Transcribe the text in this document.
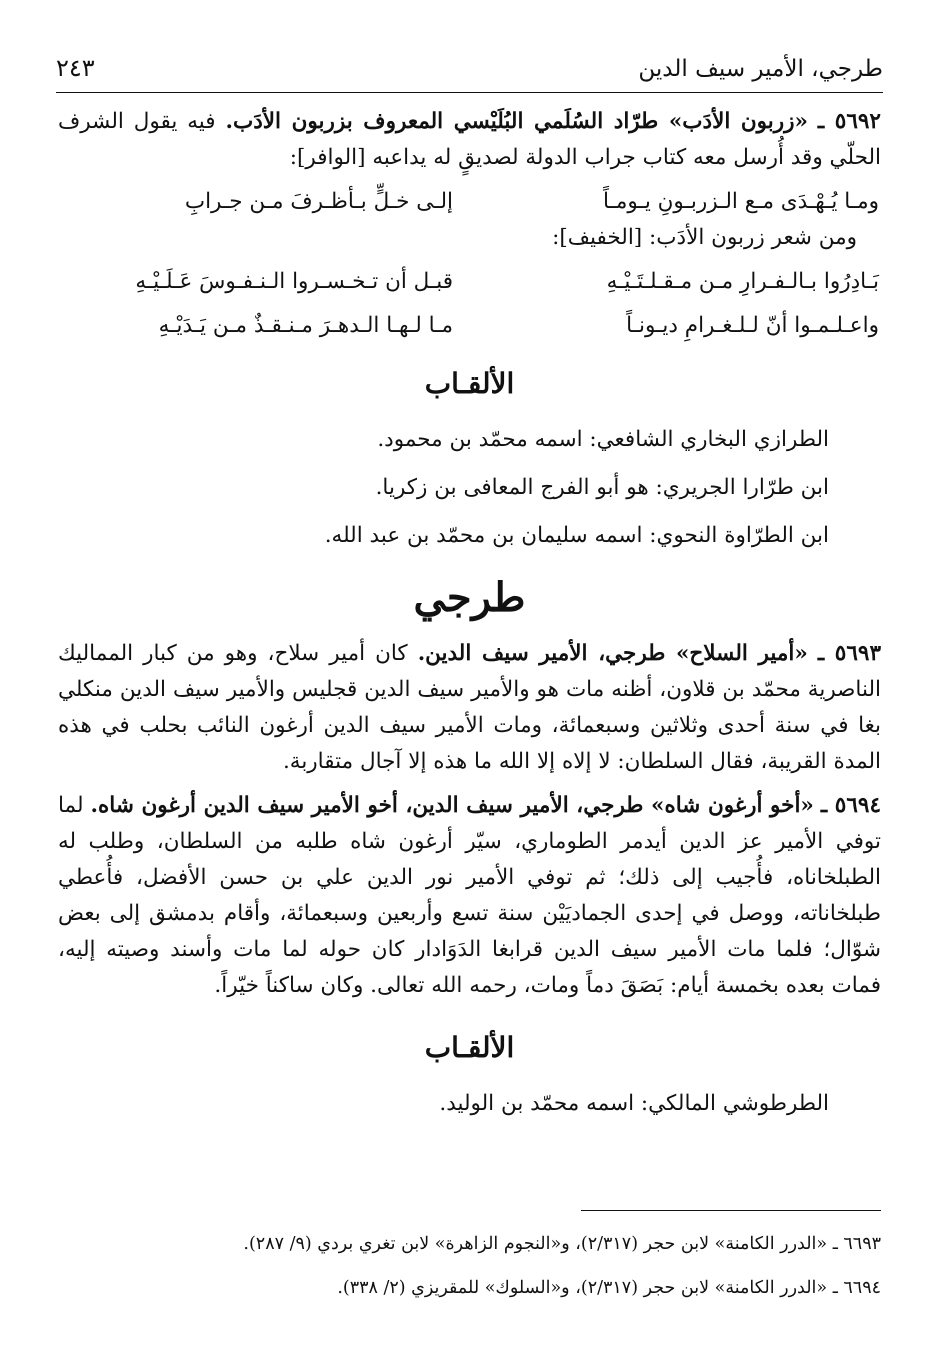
طرجي، الأمير سيف الدين
٢٤٣

٥٦٩٢ ـ «زربون الأدَب» طرّاد السُلَمي البُلَيْسي المعروف بزربون الأدَب. فيه يقول الشرف الحلّي وقد أُرسل معه كتاب جراب الدولة لصديقٍ له يداعبه [الوافر]:

ومـا يُـهْـدَى مـع الـزربـونِ يـومـاً
إلـى خـلٍّ بـأظـرفَ مـن جـرابِ

ومن شعر زربون الأدَب: [الخفيف]:

بَـادِرُوا بـالـفـرارِ مـن مـقـلـتَـيْـهِ
قبـل أن تـخـسـروا الـنـفـوسَ عَـلَـيْـهِ
واعـلـمـوا أنّ لـلـغـرامِ ديـونـاً
مـا لـهـا الـدهـرَ مـنـقـذٌ مـن يَـدَيْـهِ
الألقـاب

الطرازي البخاري الشافعي: اسمه محمّد بن محمود.

ابن طرّارا الجريري: هو أبو الفرج المعافى بن زكريا.

ابن الطرّاوة النحوي: اسمه سليمان بن محمّد بن عبد الله.

طرجي

٥٦٩٣ ـ «أمير السلاح» طرجي، الأمير سيف الدين. كان أمير سلاح، وهو من كبار المماليك الناصرية محمّد بن قلاون، أظنه مات هو والأمير سيف الدين قجليس والأمير سيف الدين منكلي بغا في سنة أحدى وثلاثين وسبعمائة، ومات الأمير سيف الدين أرغون النائب بحلب في هذه المدة القريبة، فقال السلطان: لا إلاه إلا الله ما هذه إلا آجال متقاربة.

٥٦٩٤ ـ «أخو أرغون شاه» طرجي، الأمير سيف الدين، أخو الأمير سيف الدين أرغون شاه. لما توفي الأمير عز الدين أيدمر الطوماري، سيّر أرغون شاه طلبه من السلطان، وطلب له الطبلخاناه، فأُجيب إلى ذلك؛ ثم توفي الأمير نور الدين علي بن حسن الأفضل، فأُعطي طبلخاناته، ووصل في إحدى الجماديَيْن سنة تسع وأربعين وسبعمائة، وأقام بدمشق إلى بعض شوّال؛ فلما مات الأمير سيف الدين قرابغا الدَوَادار كان حوله لما مات وأسند وصيته إليه، فمات بعده بخمسة أيام: بَصَقَ دماً ومات، رحمه الله تعالى. وكان ساكناً خيّراً.

الألقـاب

الطرطوشي المالكي: اسمه محمّد بن الوليد.

٦٦٩٣ ـ «الدرر الكامنة» لابن حجر (٢/٣١٧)، و«النجوم الزاهرة» لابن تغري بردي (٩/ ٢٨٧).

٦٦٩٤ ـ «الدرر الكامنة» لابن حجر (٢/٣١٧)، و«السلوك» للمقريزي (٢/ ٣٣٨).
